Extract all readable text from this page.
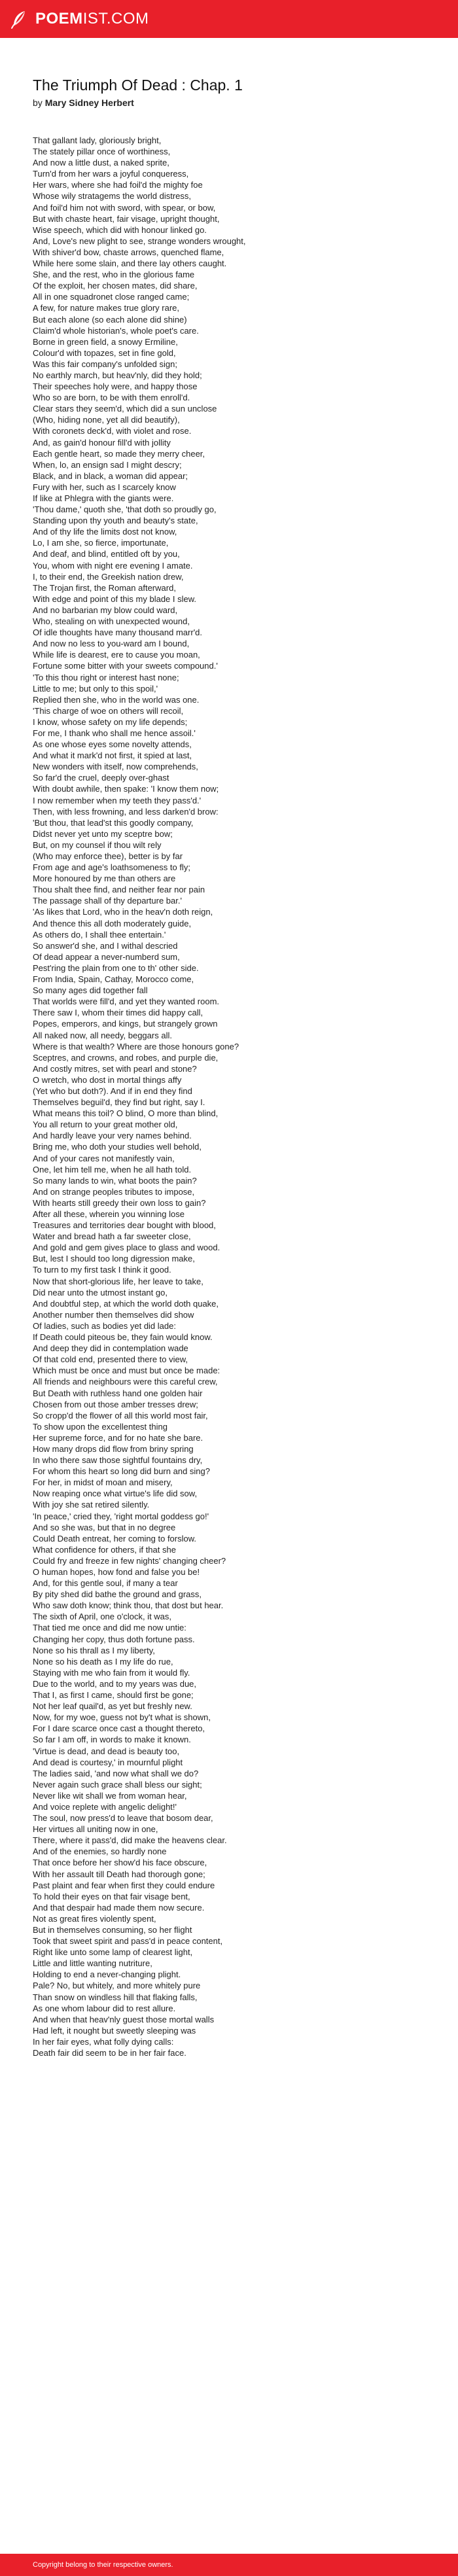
POEMIST.COM
The Triumph Of Dead : Chap. 1
by Mary Sidney Herbert
That gallant lady, gloriously bright,
The stately pillar once of worthiness,
And now a little dust, a naked sprite,
Turn'd from her wars a joyful conqueress,
Her wars, where she had foil'd the mighty foe
Whose wily stratagems the world distress,
And foil'd him not with sword, with spear, or bow,
But with chaste heart, fair visage, upright thought,
Wise speech, which did with honour linked go.
And, Love's new plight to see, strange wonders wrought,
With shiver'd bow, chaste arrows, quenched flame,
While here some slain, and there lay others caught.
She, and the rest, who in the glorious fame
Of the exploit, her chosen mates, did share,
All in one squadronet close ranged came;
A few, for nature makes true glory rare,
But each alone (so each alone did shine)
Claim'd whole historian's, whole poet's care.
Borne in green field, a snowy Ermiline,
Colour'd with topazes, set in fine gold,
Was this fair company's unfolded sign;
No earthly march, but heav'nly, did they hold;
Their speeches holy were, and happy those
Who so are born, to be with them enroll'd.
Clear stars they seem'd, which did a sun unclose
(Who, hiding none, yet all did beautify),
With coronets deck'd, with violet and rose.
And, as gain'd honour fill'd with jollity
Each gentle heart, so made they merry cheer,
When, lo, an ensign sad I might descry;
Black, and in black, a woman did appear;
Fury with her, such as I scarcely know
If like at Phlegra with the giants were.
'Thou dame,' quoth she, 'that doth so proudly go,
Standing upon thy youth and beauty's state,
And of thy life the limits dost not know,
Lo, I am she, so fierce, importunate,
And deaf, and blind, entitled oft by you,
You, whom with night ere evening I amate.
I, to their end, the Greekish nation drew,
The Trojan first, the Roman afterward,
With edge and point of this my blade I slew.
And no barbarian my blow could ward,
Who, stealing on with unexpected wound,
Of idle thoughts have many thousand marr'd.
And now no less to you-ward am I bound,
While life is dearest, ere to cause you moan,
Fortune some bitter with your sweets compound.'
'To this thou right or interest hast none;
Little to me; but only to this spoil,'
Replied then she, who in the world was one.
'This charge of woe on others will recoil,
I know, whose safety on my life depends;
For me, I thank who shall me hence assoil.'
As one whose eyes some novelty attends,
And what it mark'd not first, it spied at last,
New wonders with itself, now comprehends,
So far'd the cruel, deeply over-ghast
With doubt awhile, then spake: 'I know them now;
I now remember when my teeth they pass'd.'
Then, with less frowning, and less darken'd brow:
'But thou, that lead'st this goodly company,
Didst never yet unto my sceptre bow;
But, on my counsel if thou wilt rely
(Who may enforce thee), better is by far
From age and age's loathsomeness to fly;
More honoured by me than others are
Thou shalt thee find, and neither fear nor pain
The passage shall of thy departure bar.'
'As likes that Lord, who in the heav'n doth reign,
And thence this all doth moderately guide,
As others do, I shall thee entertain.'
So answer'd she, and I withal descried
Of dead appear a never-numberd sum,
Pest'ring the plain from one to th' other side.
From India, Spain, Cathay, Morocco come,
So many ages did together fall
That worlds were fill'd, and yet they wanted room.
There saw I, whom their times did happy call,
Popes, emperors, and kings, but strangely grown
All naked now, all needy, beggars all.
Where is that wealth? Where are those honours gone?
Sceptres, and crowns, and robes, and purple die,
And costly mitres, set with pearl and stone?
O wretch, who dost in mortal things affy
(Yet who but doth?). And if in end they find
Themselves beguil'd, they find but right, say I.
What means this toil? O blind, O more than blind,
You all return to your great mother old,
And hardly leave your very names behind.
Bring me, who doth your studies well behold,
And of your cares not manifestly vain,
One, let him tell me, when he all hath told.
So many lands to win, what boots the pain?
And on strange peoples tributes to impose,
With hearts still greedy their own loss to gain?
After all these, wherein you winning lose
Treasures and territories dear bought with blood,
Water and bread hath a far sweeter close,
And gold and gem gives place to glass and wood.
But, lest I should too long digression make,
To turn to my first task I think it good.
Now that short-glorious life, her leave to take,
Did near unto the utmost instant go,
And doubtful step, at which the world doth quake,
Another number then themselves did show
Of ladies, such as bodies yet did lade:
If Death could piteous be, they fain would know.
And deep they did in contemplation wade
Of that cold end, presented there to view,
Which must be once and must but once be made:
All friends and neighbours were this careful crew,
But Death with ruthless hand one golden hair
Chosen from out those amber tresses drew;
So cropp'd the flower of all this world most fair,
To show upon the excellentest thing
Her supreme force, and for no hate she bare.
How many drops did flow from briny spring
In who there saw those sightful fountains dry,
For whom this heart so long did burn and sing?
For her, in midst of moan and misery,
Now reaping once what virtue's life did sow,
With joy she sat retired silently.
'In peace,' cried they, 'right mortal goddess go!'
And so she was, but that in no degree
Could Death entreat, her coming to forslow.
What confidence for others, if that she
Could fry and freeze in few nights' changing cheer?
O human hopes, how fond and false you be!
And, for this gentle soul, if many a tear
By pity shed did bathe the ground and grass,
Who saw doth know; think thou, that dost but hear.
The sixth of April, one o'clock, it was,
That tied me once and did me now untie:
Changing her copy, thus doth fortune pass.
None so his thrall as I my liberty,
None so his death as I my life do rue,
Staying with me who fain from it would fly.
Due to the world, and to my years was due,
That I, as first I came, should first be gone;
Not her leaf quail'd, as yet but freshly new.
Now, for my woe, guess not by't what is shown,
For I dare scarce once cast a thought thereto,
So far I am off, in words to make it known.
'Virtue is dead, and dead is beauty too,
And dead is courtesy,' in mournful plight
The ladies said, 'and now what shall we do?
Never again such grace shall bless our sight;
Never like wit shall we from woman hear,
And voice replete with angelic delight!'
The soul, now press'd to leave that bosom dear,
Her virtues all uniting now in one,
There, where it pass'd, did make the heavens clear.
And of the enemies, so hardly none
That once before her show'd his face obscure,
With her assault till Death had thorough gone;
Past plaint and fear when first they could endure
To hold their eyes on that fair visage bent,
And that despair had made them now secure.
Not as great fires violently spent,
But in themselves consuming, so her flight
Took that sweet spirit and pass'd in peace content,
Right like unto some lamp of clearest light,
Little and little wanting nutriture,
Holding to end a never-changing plight.
Pale? No, but whitely, and more whitely pure
Than snow on windless hill that flaking falls,
As one whom labour did to rest allure.
And when that heav'nly guest those mortal walls
Had left, it nought but sweetly sleeping was
In her fair eyes, what folly dying calls:
Death fair did seem to be in her fair face.
Copyright belong to their respective owners.
